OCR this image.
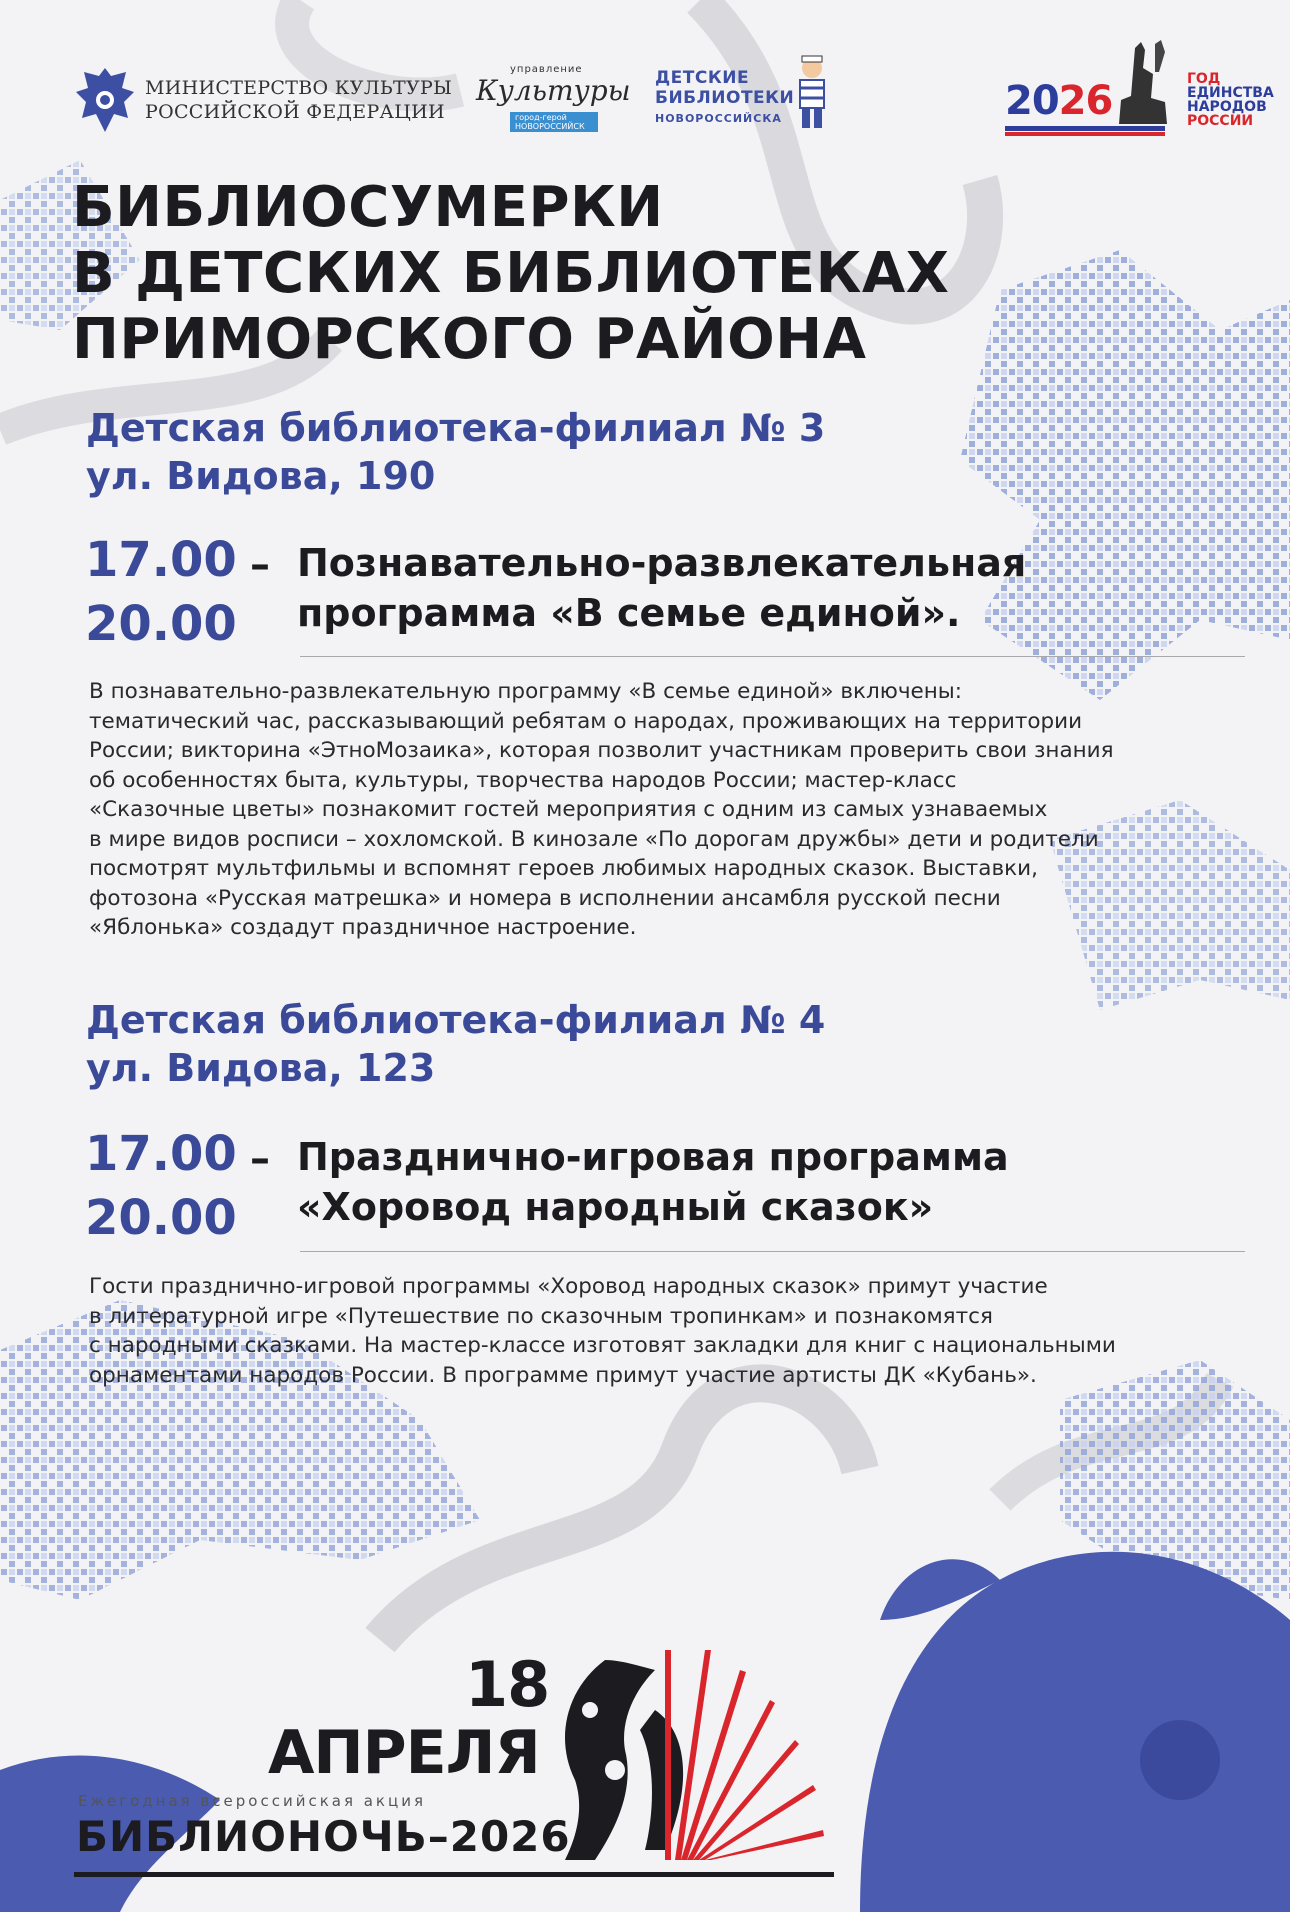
МИНИСТЕРСТВО КУЛЬТУРЫ
РОССИЙСКОЙ ФЕДЕРАЦИИ
управление
Культуры
город-герой НОВОРОССИЙСК
ДЕТСКИЕ
БИБЛИОТЕКИ
НОВОРОССИЙСКА	2026	ГОД
ЕДИНСТВА
НАРОДОВ
РОССИИ
БИБЛИОСУМЕРКИ
В ДЕТСКИХ БИБЛИОТЕКАХ
ПРИМОРСКОГО РАЙОНА
Детская библиотека-филиал № 3
ул. Видова, 190
17.00
20.00
– Познавательно-развлекательная
программа «В семье единой».
В познавательно-развлекательную программу «В семье единой» включены:
тематический час, рассказывающий ребятам о народах, проживающих на территории
России; викторина «ЭтноМозаика», которая позволит участникам проверить свои знания
об особенностях быта, культуры, творчества народов России; мастер-класс
«Сказочные цветы» познакомит гостей мероприятия с одним из самых узнаваемых
в мире видов росписи – хохломской. В кинозале «По дорогам дружбы» дети и родители
посмотрят мультфильмы и вспомнят героев любимых народных сказок. Выставки,
фотозона «Русская матрешка» и номера в исполнении ансамбля русской песни
«Яблонька» создадут праздничное настроение.
Детская библиотека-филиал № 4
ул. Видова, 123
17.00
20.00
– Празднично-игровая программа
«Хоровод народный сказок»
Гости празднично-игровой программы «Хоровод народных сказок» примут участие
в литературной игре «Путешествие по сказочным тропинкам» и познакомятся
с народными сказками. На мастер-классе изготовят закладки для книг с национальными
орнаментами народов России. В программе примут участие артисты ДК «Кубань».
18
АПРЕЛЯ
Ежегодная всероссийская акция
БИБЛИОНОЧЬ–2026
